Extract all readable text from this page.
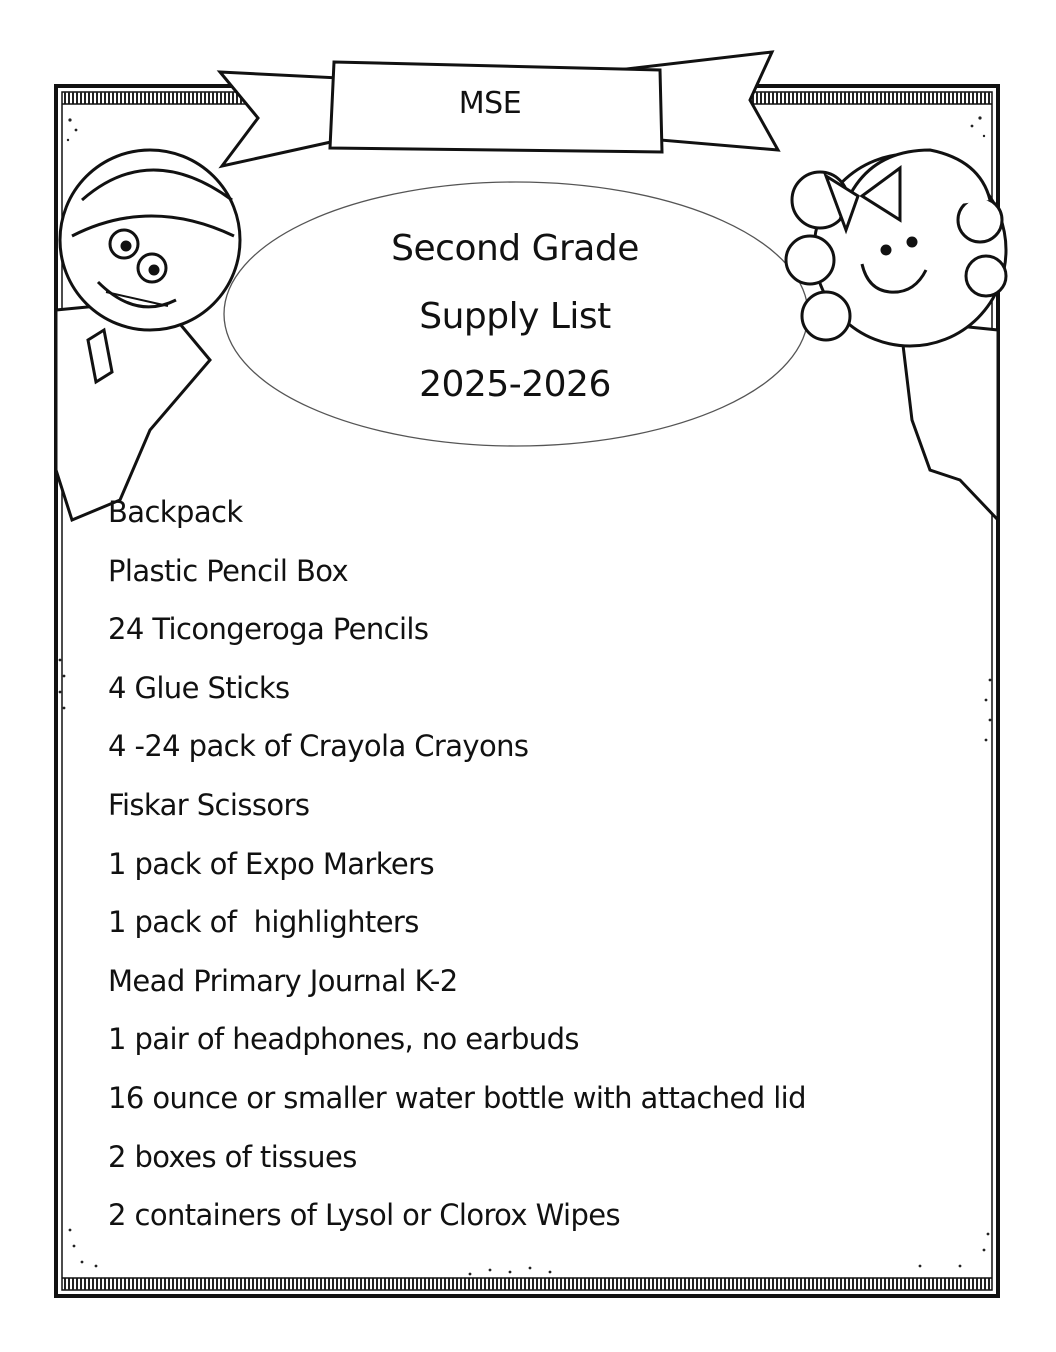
MSE
Second Grade
Supply List
2025-2026
Backpack
Plastic Pencil Box
24 Ticongeroga Pencils
4 Glue Sticks
4 -24 pack of Crayola Crayons
Fiskar Scissors
1 pack of Expo Markers
1 pack of  highlighters
Mead Primary Journal K-2
1 pair of headphones, no earbuds
16 ounce or smaller water bottle with attached lid
2 boxes of tissues
2 containers of Lysol or Clorox Wipes
